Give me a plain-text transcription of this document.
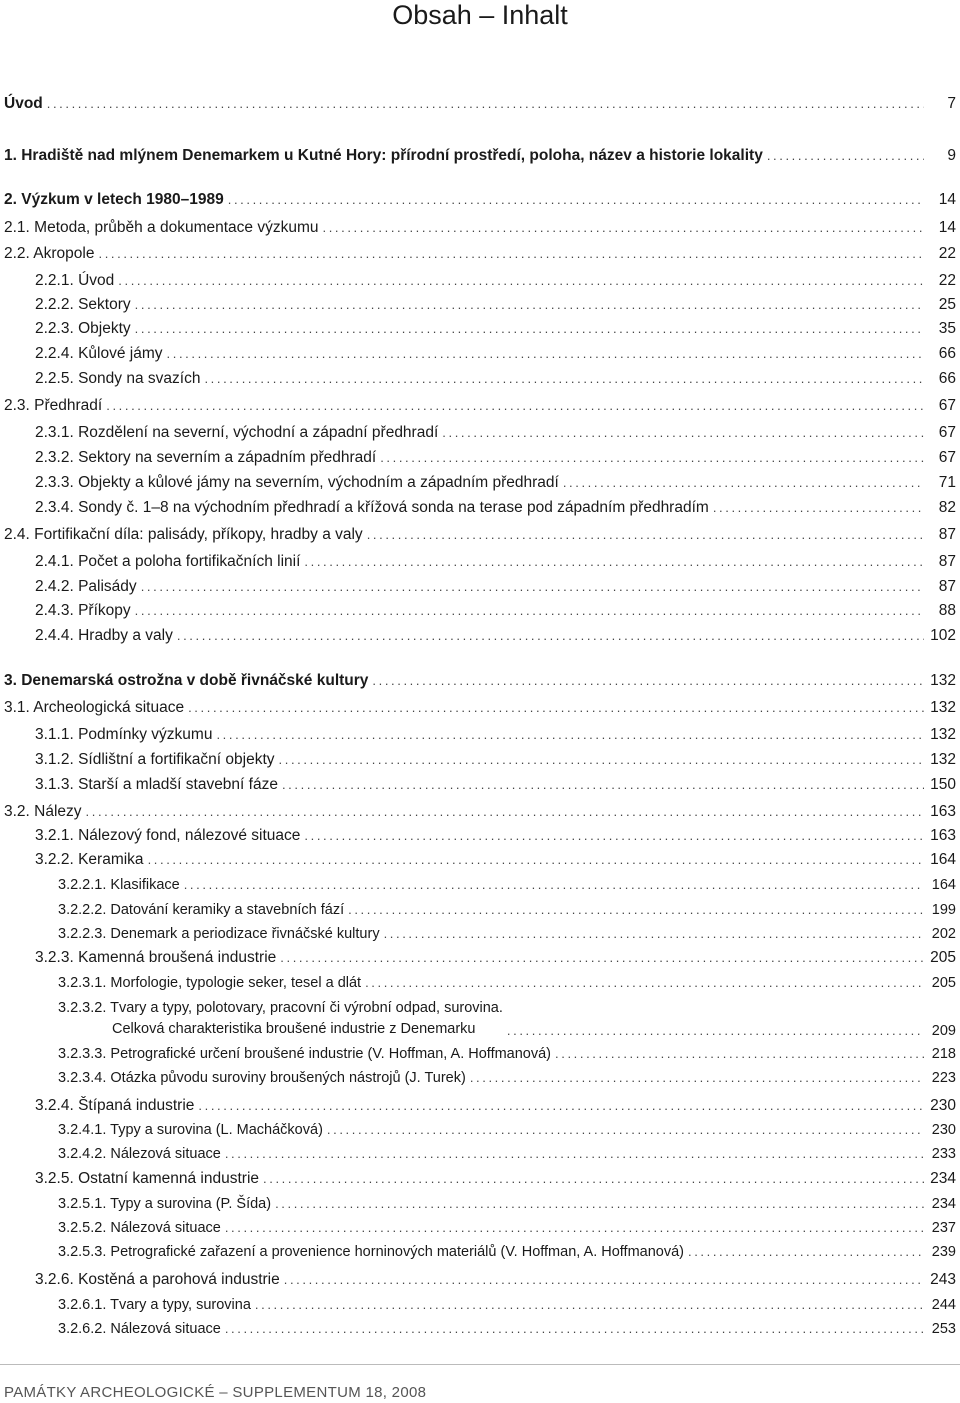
Obsah – Inhalt
Úvod .....	7
1. Hradiště nad mlýnem Denemarkem u Kutné Hory: přírodní prostředí, poloha, název a historie lokality .....	9
2. Výzkum v letech 1980–1989 .....	14
2.1. Metoda, průběh a dokumentace výzkumu .....	14
2.2. Akropole .....	22
2.2.1. Úvod .....	22
2.2.2. Sektory .....	25
2.2.3. Objekty .....	35
2.2.4. Kůlové jámy .....	66
2.2.5. Sondy na svazích .....	66
2.3. Předhradí .....	67
2.3.1. Rozdělení na severní, východní a západní předhradí .....	67
2.3.2. Sektory na severním a západním předhradí .....	67
2.3.3. Objekty a kůlové jámy na severním, východním a západním předhradí .....	71
2.3.4. Sondy č. 1–8 na východním předhradí a křížová sonda na terase pod západním předhradím .....	82
2.4. Fortifikační díla: palisády, příkopy, hradby a valy .....	87
2.4.1. Počet a poloha fortifikačních linií .....	87
2.4.2. Palisády .....	87
2.4.3. Příkopy .....	88
2.4.4. Hradby a valy .....	102
3. Denemarská ostrožna v době řivnáčské kultury .....	132
3.1. Archeologická situace .....	132
3.1.1. Podmínky výzkumu .....	132
3.1.2. Sídlištní a fortifikační objekty .....	132
3.1.3. Starší a mladší stavební fáze .....	150
3.2. Nálezy .....	163
3.2.1. Nálezový fond, nálezové situace .....	163
3.2.2. Keramika .....	164
3.2.2.1. Klasifikace .....	164
3.2.2.2. Datování keramiky a stavebních fází .....	199
3.2.2.3. Denemark a periodizace řivnáčské kultury .....	202
3.2.3. Kamenná broušená industrie .....	205
3.2.3.1. Morfologie, typologie seker, tesel a dlát .....	205
3.2.3.2. Tvary a typy, polotovary, pracovní či výrobní odpad, surovina.
Celková charakteristika broušené industrie z Denemarku .....	209
3.2.3.3. Petrografické určení broušené industrie (V. Hoffman, A. Hoffmanová) .....	218
3.2.3.4. Otázka původu suroviny broušených nástrojů (J. Turek) .....	223
3.2.4. Štípaná industrie .....	230
3.2.4.1. Typy a surovina (L. Macháčková) .....	230
3.2.4.2. Nálezová situace .....	233
3.2.5. Ostatní kamenná industrie .....	234
3.2.5.1. Typy a surovina (P. Šída) .....	234
3.2.5.2. Nálezová situace .....	237
3.2.5.3. Petrografické zařazení a provenience horninových materiálů (V. Hoffman, A. Hoffmanová) .....	239
3.2.6. Kostěná a parohová industrie .....	243
3.2.6.1. Tvary a typy, surovina .....	244
3.2.6.2. Nálezová situace .....	253
PAMÁTKY ARCHEOLOGICKÉ – SUPPLEMENTUM 18, 2008
